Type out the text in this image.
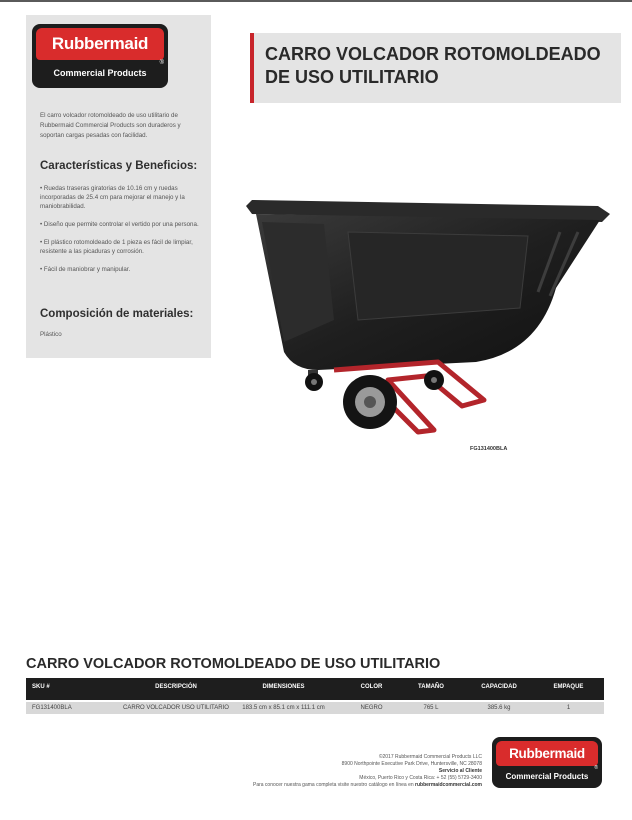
Rubbermaid
®
Commercial Products
El carro volcador rotomoldeado de uso utilitario de Rubbermaid Commercial Products son duraderos y soportan cargas pesadas con facilidad.
Características y Beneficios:
• Ruedas traseras giratorias de 10.16 cm y ruedas incorporadas de 25.4 cm para mejorar el manejo y la maniobrabilidad.
• Diseño que permite controlar el vertido por una persona.
• El plástico rotomoldeado de 1 pieza es fácil de limpiar, resistente a las picaduras y corrosión.
• Fácil de maniobrar y manipular.
Composición de materiales:
Plástico
CARRO VOLCADOR ROTOMOLDEADO DE USO UTILITARIO
FG131400BLA
CARRO VOLCADOR ROTOMOLDEADO DE USO UTILITARIO
SKU #	DESCRIPCIÓN	DIMENSIONES	COLOR	TAMAÑO	CAPACIDAD	EMPAQUE
FG131400BLA	CARRO VOLCADOR USO UTILITARIO	183.5 cm x 85.1 cm x 111.1 cm	NEGRO	765 L	385.6 kg	1
©2017 Rubbermaid Commercial Products LLC
8900 Northpointe Executive Park Drive, Huntersville, NC 28078
Servicio al Cliente
México, Puerto Rico y Costa Rica: + 52 (55) 5729-3400
Para conocer nuestra gama completa visite nuestro catálogo en línea en rubbermaidcommercial.com
Rubbermaid
®
Commercial Products
